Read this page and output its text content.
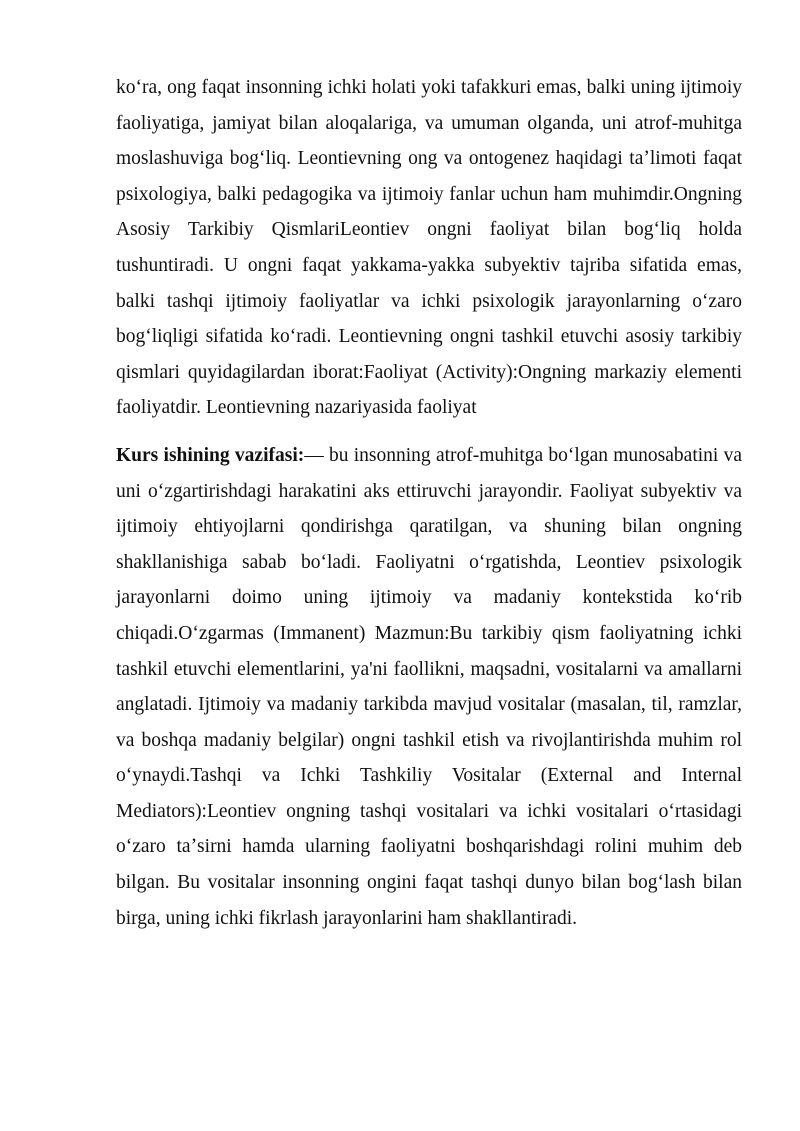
koʻra, ong faqat insonning ichki holati yoki tafakkuri emas, balki uning ijtimoiy faoliyatiga, jamiyat bilan aloqalariga, va umuman olganda, uni atrof-muhitga moslashuviga bogʻliq. Leontievning ong va ontogenez haqidagi taʼlimoti faqat psixologiya, balki pedagogika va ijtimoiy fanlar uchun ham muhimdir.Ongning Asosiy Tarkibiy QismlariLeontiev ongni faoliyat bilan bogʻliq holda tushuntiradi. U ongni faqat yakkama-yakka subyektiv tajriba sifatida emas, balki tashqi ijtimoiy faoliyatlar va ichki psixologik jarayonlarning oʻzaro bogʻliqligi sifatida koʻradi. Leontievning ongni tashkil etuvchi asosiy tarkibiy qismlari quyidagilardan iborat:Faoliyat (Activity):Ongning markaziy elementi faoliyatdir. Leontievning nazariyasida faoliyat

Kurs ishining vazifasi:— bu insonning atrof-muhitga boʻlgan munosabatini va uni oʻzgartirishdagi harakatini aks ettiruvchi jarayondir. Faoliyat subyektiv va ijtimoiy ehtiyojlarni qondirishga qaratilgan, va shuning bilan ongning shakllanishiga sabab boʻladi. Faoliyatni oʻrgatishda, Leontiev psixologik jarayonlarni doimo uning ijtimoiy va madaniy kontekstida koʻrib chiqadi.Oʻzgarmas (Immanent) Mazmun:Bu tarkibiy qism faoliyatning ichki tashkil etuvchi elementlarini, ya'ni faollikni, maqsadni, vositalarni va amallarni anglatadi. Ijtimoiy va madaniy tarkibda mavjud vositalar (masalan, til, ramzlar, va boshqa madaniy belgilar) ongni tashkil etish va rivojlantirishda muhim rol oʻynaydi.Tashqi va Ichki Tashkiliy Vositalar (External and Internal Mediators):Leontiev ongning tashqi vositalari va ichki vositalari oʻrtasidagi oʻzaro taʼsirni hamda ularning faoliyatni boshqarishdagi rolini muhim deb bilgan. Bu vositalar insonning ongini faqat tashqi dunyo bilan bogʻlash bilan birga, uning ichki fikrlash jarayonlarini ham shakllantiradi.
